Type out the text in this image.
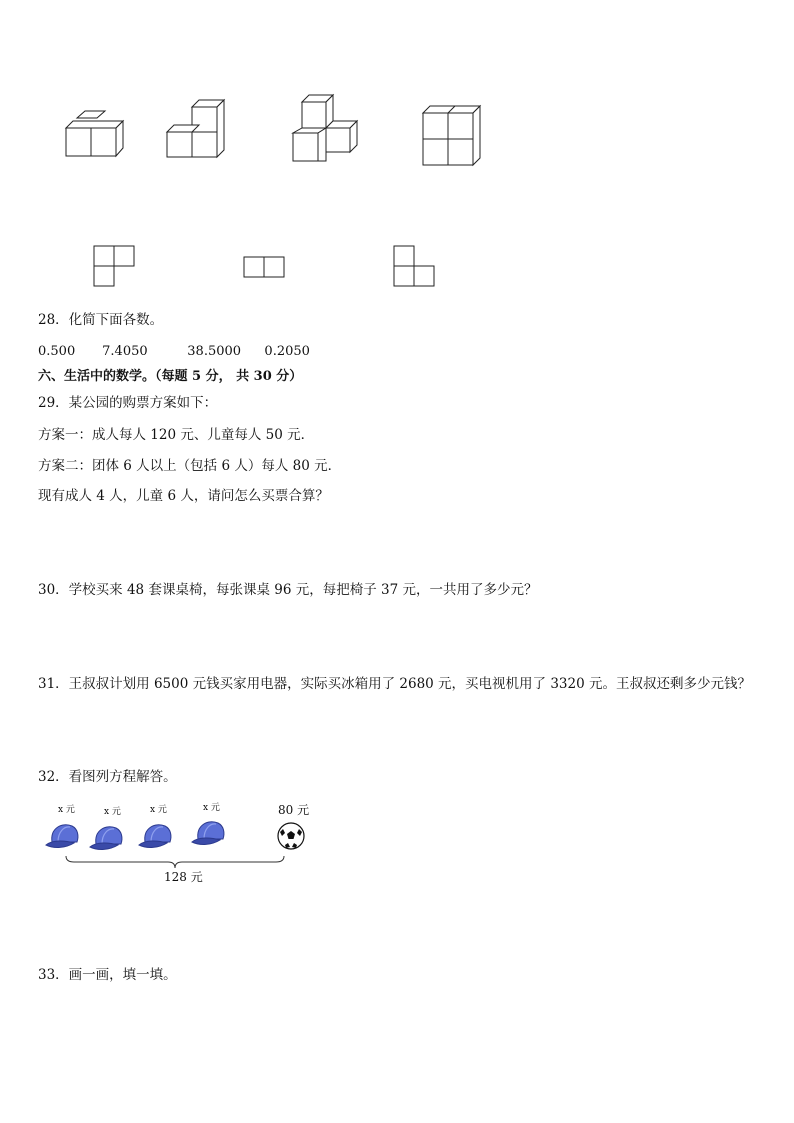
28．化简下面各数。
0.500 7.4050	38.5000 0.2050
六、生活中的数学。（每题 5 分， 共 30 分）
29．某公园的购票方案如下：
方案一：成人每人 120 元、儿童每人 50 元．
方案二：团体 6 人以上（包括 6 人）每人 80 元．
现有成人 4 人，儿童 6 人，请问怎么买票合算？
30．学校买来 48 套课桌椅，每张课桌 96 元，每把椅子 37 元，一共用了多少元？
31．王叔叔计划用 6500 元钱买家用电器，实际买冰箱用了 2680 元，买电视机用了 3320 元。王叔叔还剩多少元钱？
32．看图列方程解答。
x 元	x 元	x 元	x 元	80 元
128 元
33．画一画，填一填。
